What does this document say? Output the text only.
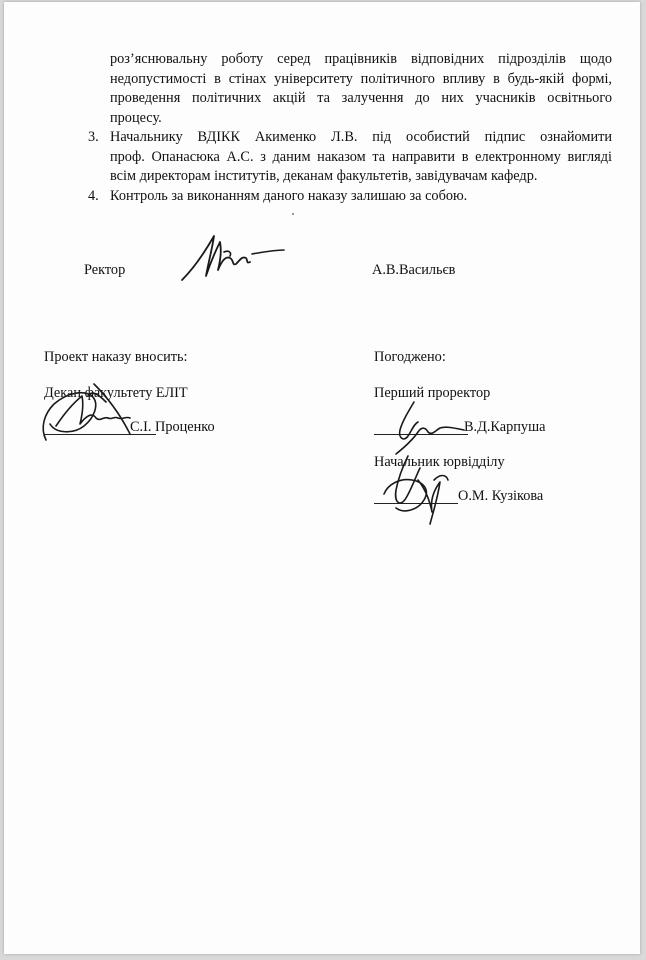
роз’яснювальну роботу серед працівників відповідних підрозділів щодо
недопустимості в стінах університету політичного впливу в будь-якій формі,
проведення політичних акцій та залучення до них учасників освітнього
процесу.
3. Начальнику ВДІКК Акименко Л.В. під особистий підпис ознайомити
проф. Опанасюка А.С. з даним наказом та направити в електронному вигляді
всім директорам інститутів, деканам факультетів, завідувачам кафедр.
4. Контроль за виконанням даного наказу залишаю за собою.
Ректор	А.В.Васильєв
Проект наказу вносить:
Декан факультету ЕЛІТ
С.І. Проценко
Погоджено:
Перший проректор
В.Д.Карпуша
Начальник юрвідділу
О.М. Кузікова
